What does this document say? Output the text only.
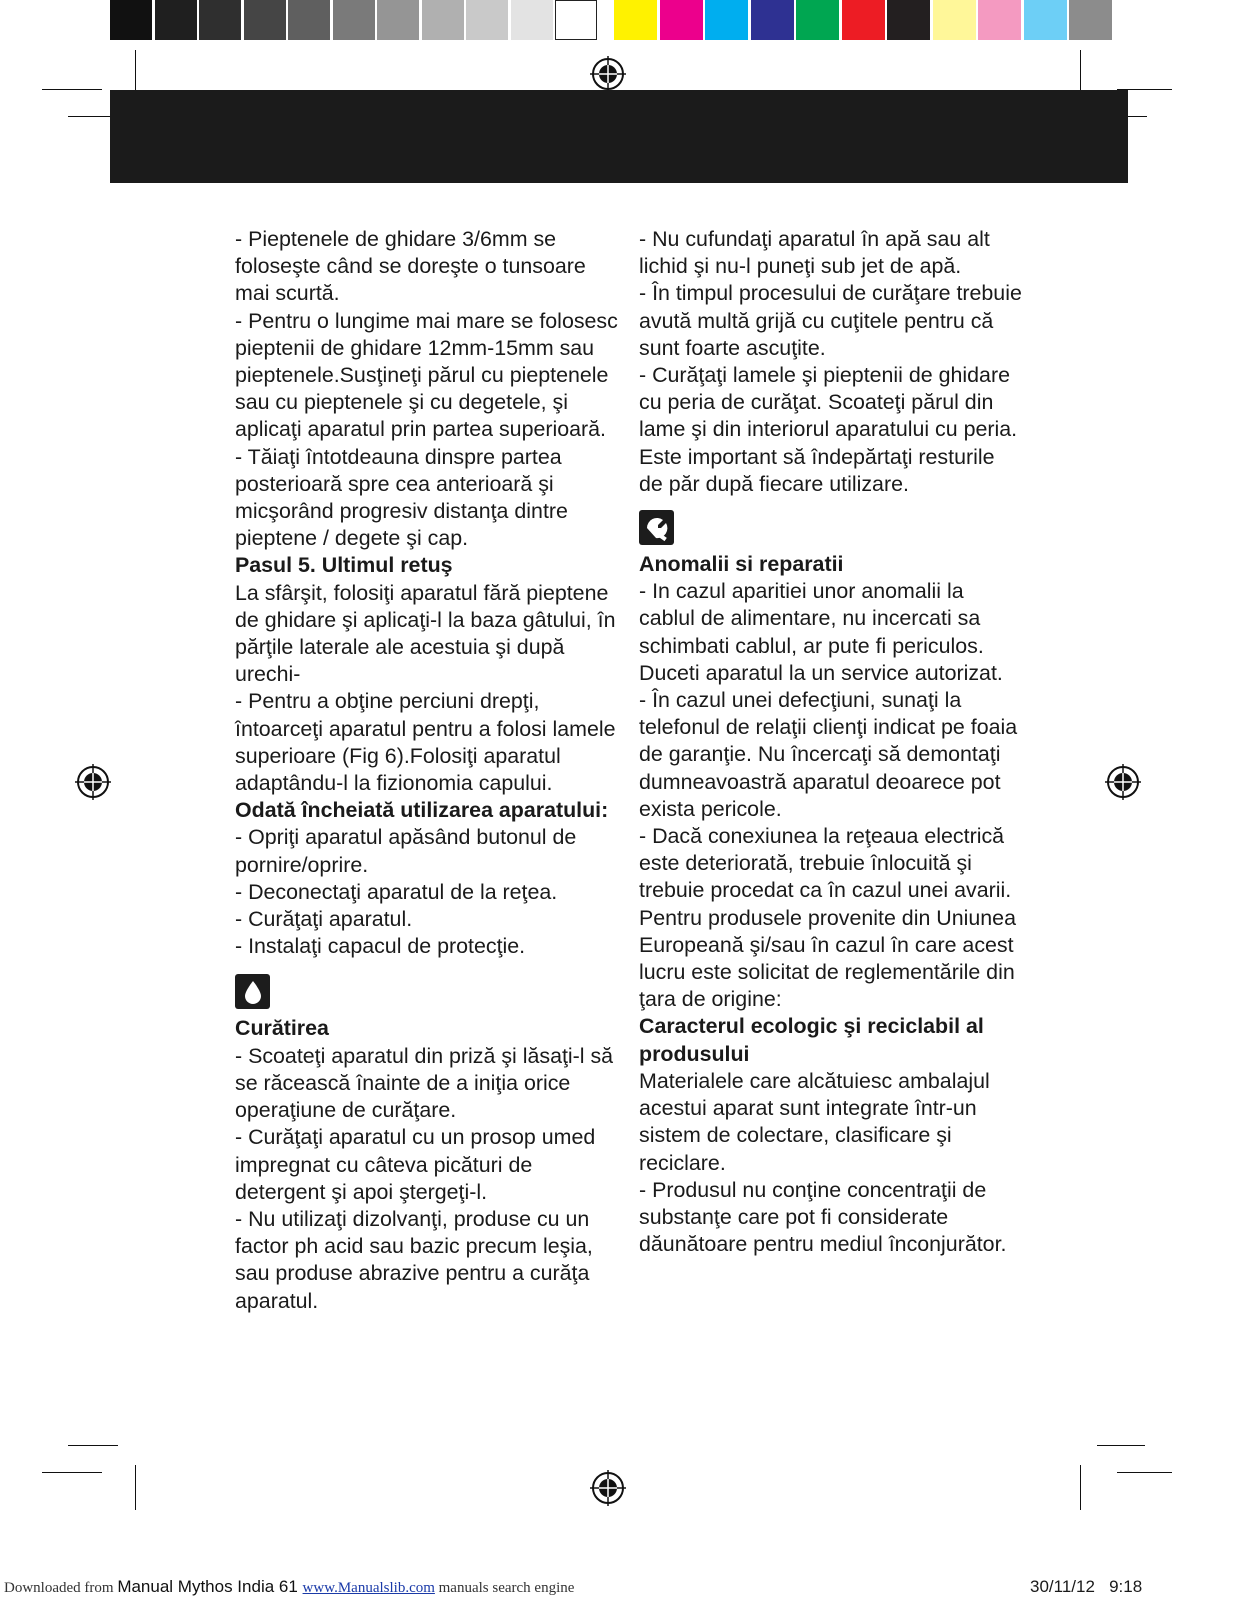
- Pieptenele de ghidare 3/6mm se foloseşte când se doreşte o tunsoare mai scurtă.

- Pentru o lungime mai mare se folosesc pieptenii de ghidare 12mm-15mm sau pieptenele.Susţineţi părul cu pieptenele sau cu pieptenele şi cu degetele, şi aplicaţi aparatul prin partea superioară.

- Tăiaţi întotdeauna dinspre partea posterioară spre cea anterioară şi micşorând progresiv distanţa dintre pieptene / degete şi cap.

Pasul 5. Ultimul retuş

La sfârşit, folosiţi aparatul fără pieptene de ghidare şi aplicaţi-l la baza gâtului, în părţile laterale ale acestuia şi după urechi-

- Pentru a obţine perciuni drepţi, întoarceţi aparatul pentru a folosi lamele superioare (Fig 6).Folosiţi aparatul adaptându-l la fizionomia capului.

Odată încheiată utilizarea aparatului:

- Opriţi aparatul apăsând butonul de pornire/oprire.

- Deconectaţi aparatul de la reţea.

- Curăţaţi aparatul.

- Instalaţi capacul de protecţie.

Curătirea

- Scoateţi aparatul din priză şi lăsaţi-l să se răcească înainte de a iniţia orice operaţiune de curăţare.

- Curăţaţi aparatul cu un prosop umed impregnat cu câteva picături de detergent şi apoi ştergeţi-l.

- Nu utilizaţi dizolvanţi, produse cu un factor ph acid sau bazic precum leşia, sau produse abrazive pentru a curăţa aparatul.

- Nu cufundaţi aparatul în apă sau alt lichid şi nu-l puneţi sub jet de apă.

- În timpul procesului de curăţare trebuie avută multă grijă cu cuţitele pentru că sunt foarte ascuţite.

- Curăţaţi lamele şi pieptenii de ghidare cu peria de curăţat. Scoateţi părul din lame şi din interiorul aparatului cu peria. Este important să îndepărtaţi resturile de păr după fiecare utilizare.

Anomalii si reparatii

- In cazul aparitiei unor anomalii la cablul de alimentare, nu incercati sa schimbati cablul, ar pute fi periculos. Duceti aparatul la un service autorizat.

- În cazul unei defecţiuni, sunaţi la telefonul de relaţii clienţi indicat pe foaia de garanţie. Nu încercaţi să demontaţi dumneavoastră aparatul deoarece pot exista pericole.

- Dacă conexiunea la reţeaua electrică este deteriorată, trebuie înlocuită şi trebuie procedat ca în cazul unei avarii.

Pentru produsele provenite din Uniunea Europeană şi/sau în cazul în care acest lucru este solicitat de reglementările din ţara de origine:

Caracterul ecologic şi reciclabil al produsului

Materialele care alcătuiesc ambalajul acestui aparat sunt integrate într-un sistem de colectare, clasificare şi reciclare.

- Produsul nu conţine concentraţii de substanţe care pot fi considerate dăunătoare pentru mediul înconjurător.

Downloaded from Manual Mythos India 61 www.Manualslib.com manuals search engine	30/11/12 9:18
